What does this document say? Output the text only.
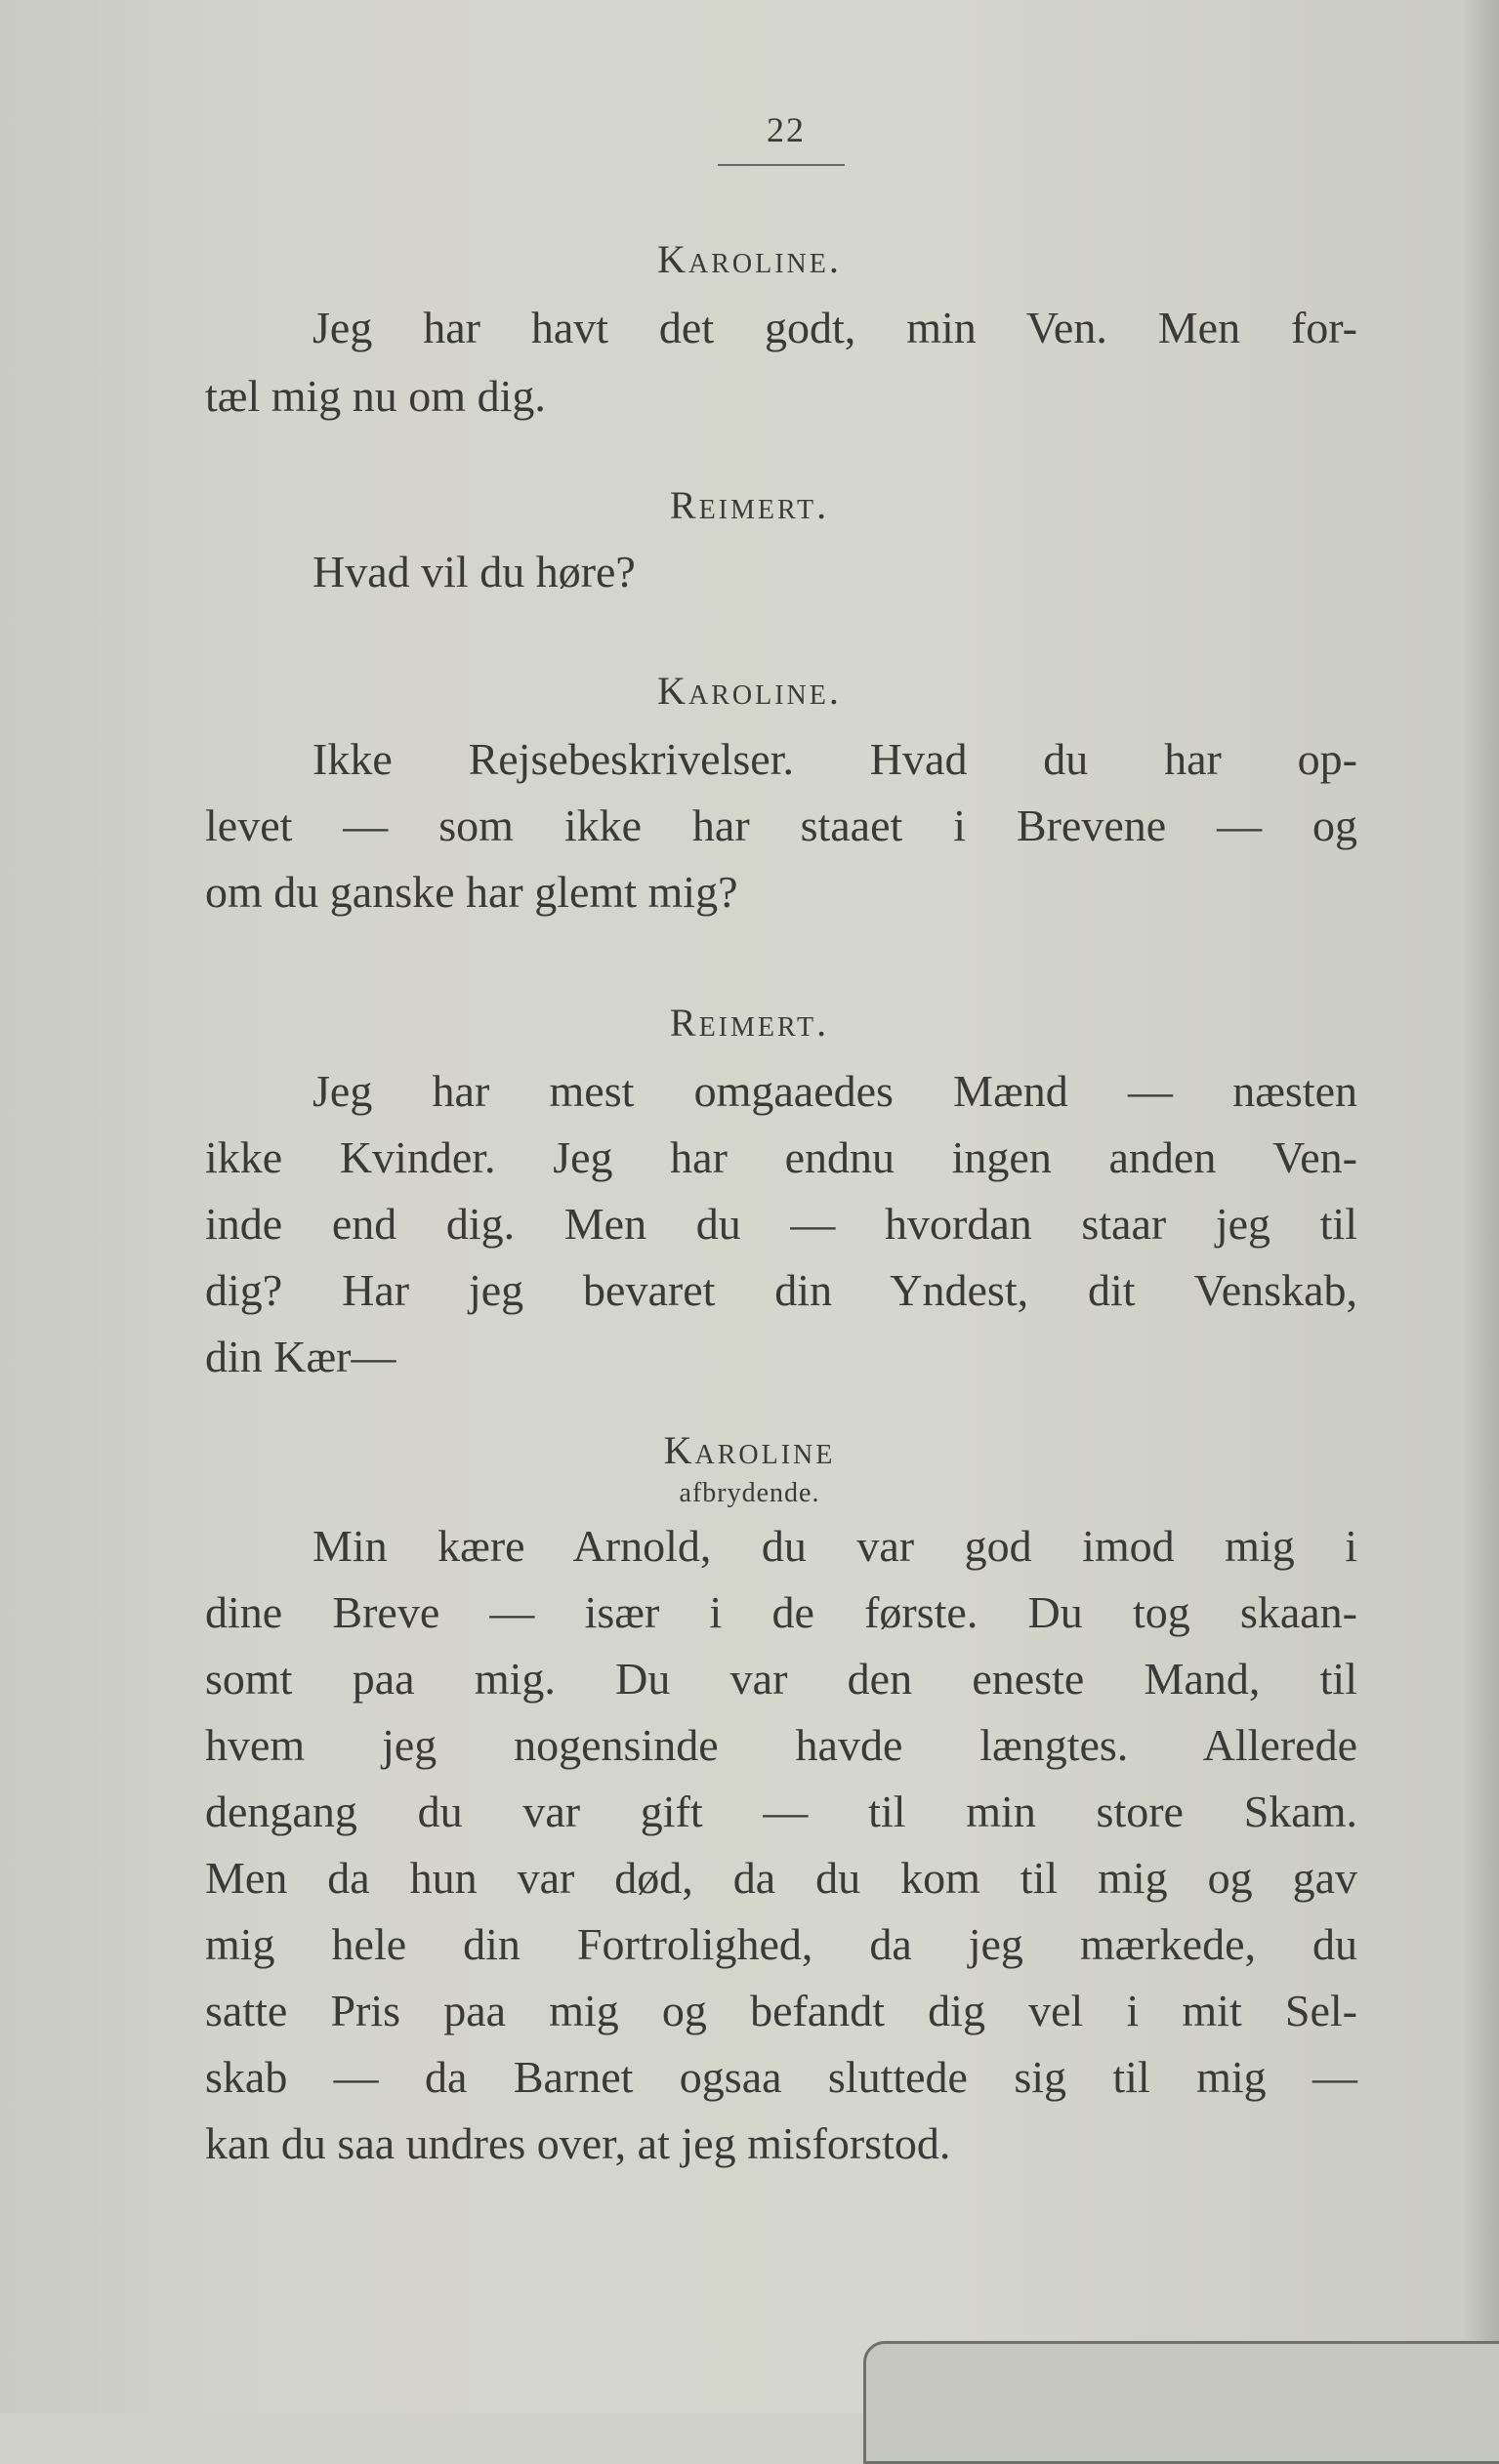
22
Karoline.
Jeg har havt det godt, min Ven. Men for-
tæl mig nu om dig.
Reimert.
Hvad vil du høre?
Karoline.
Ikke Rejsebeskrivelser. Hvad du har op-
levet — som ikke har staaet i Brevene — og
om du ganske har glemt mig?
Reimert.
Jeg har mest omgaaedes Mænd — næsten
ikke Kvinder. Jeg har endnu ingen anden Ven-
inde end dig. Men du — hvordan staar jeg til
dig? Har jeg bevaret din Yndest, dit Venskab,
din Kær—
Karoline
afbrydende.
Min kære Arnold, du var god imod mig i
dine Breve — især i de første. Du tog skaan-
somt paa mig. Du var den eneste Mand, til
hvem jeg nogensinde havde længtes. Allerede
dengang du var gift — til min store Skam.
Men da hun var død, da du kom til mig og gav
mig hele din Fortrolighed, da jeg mærkede, du
satte Pris paa mig og befandt dig vel i mit Sel-
skab — da Barnet ogsaa sluttede sig til mig —
kan du saa undres over, at jeg misforstod.
